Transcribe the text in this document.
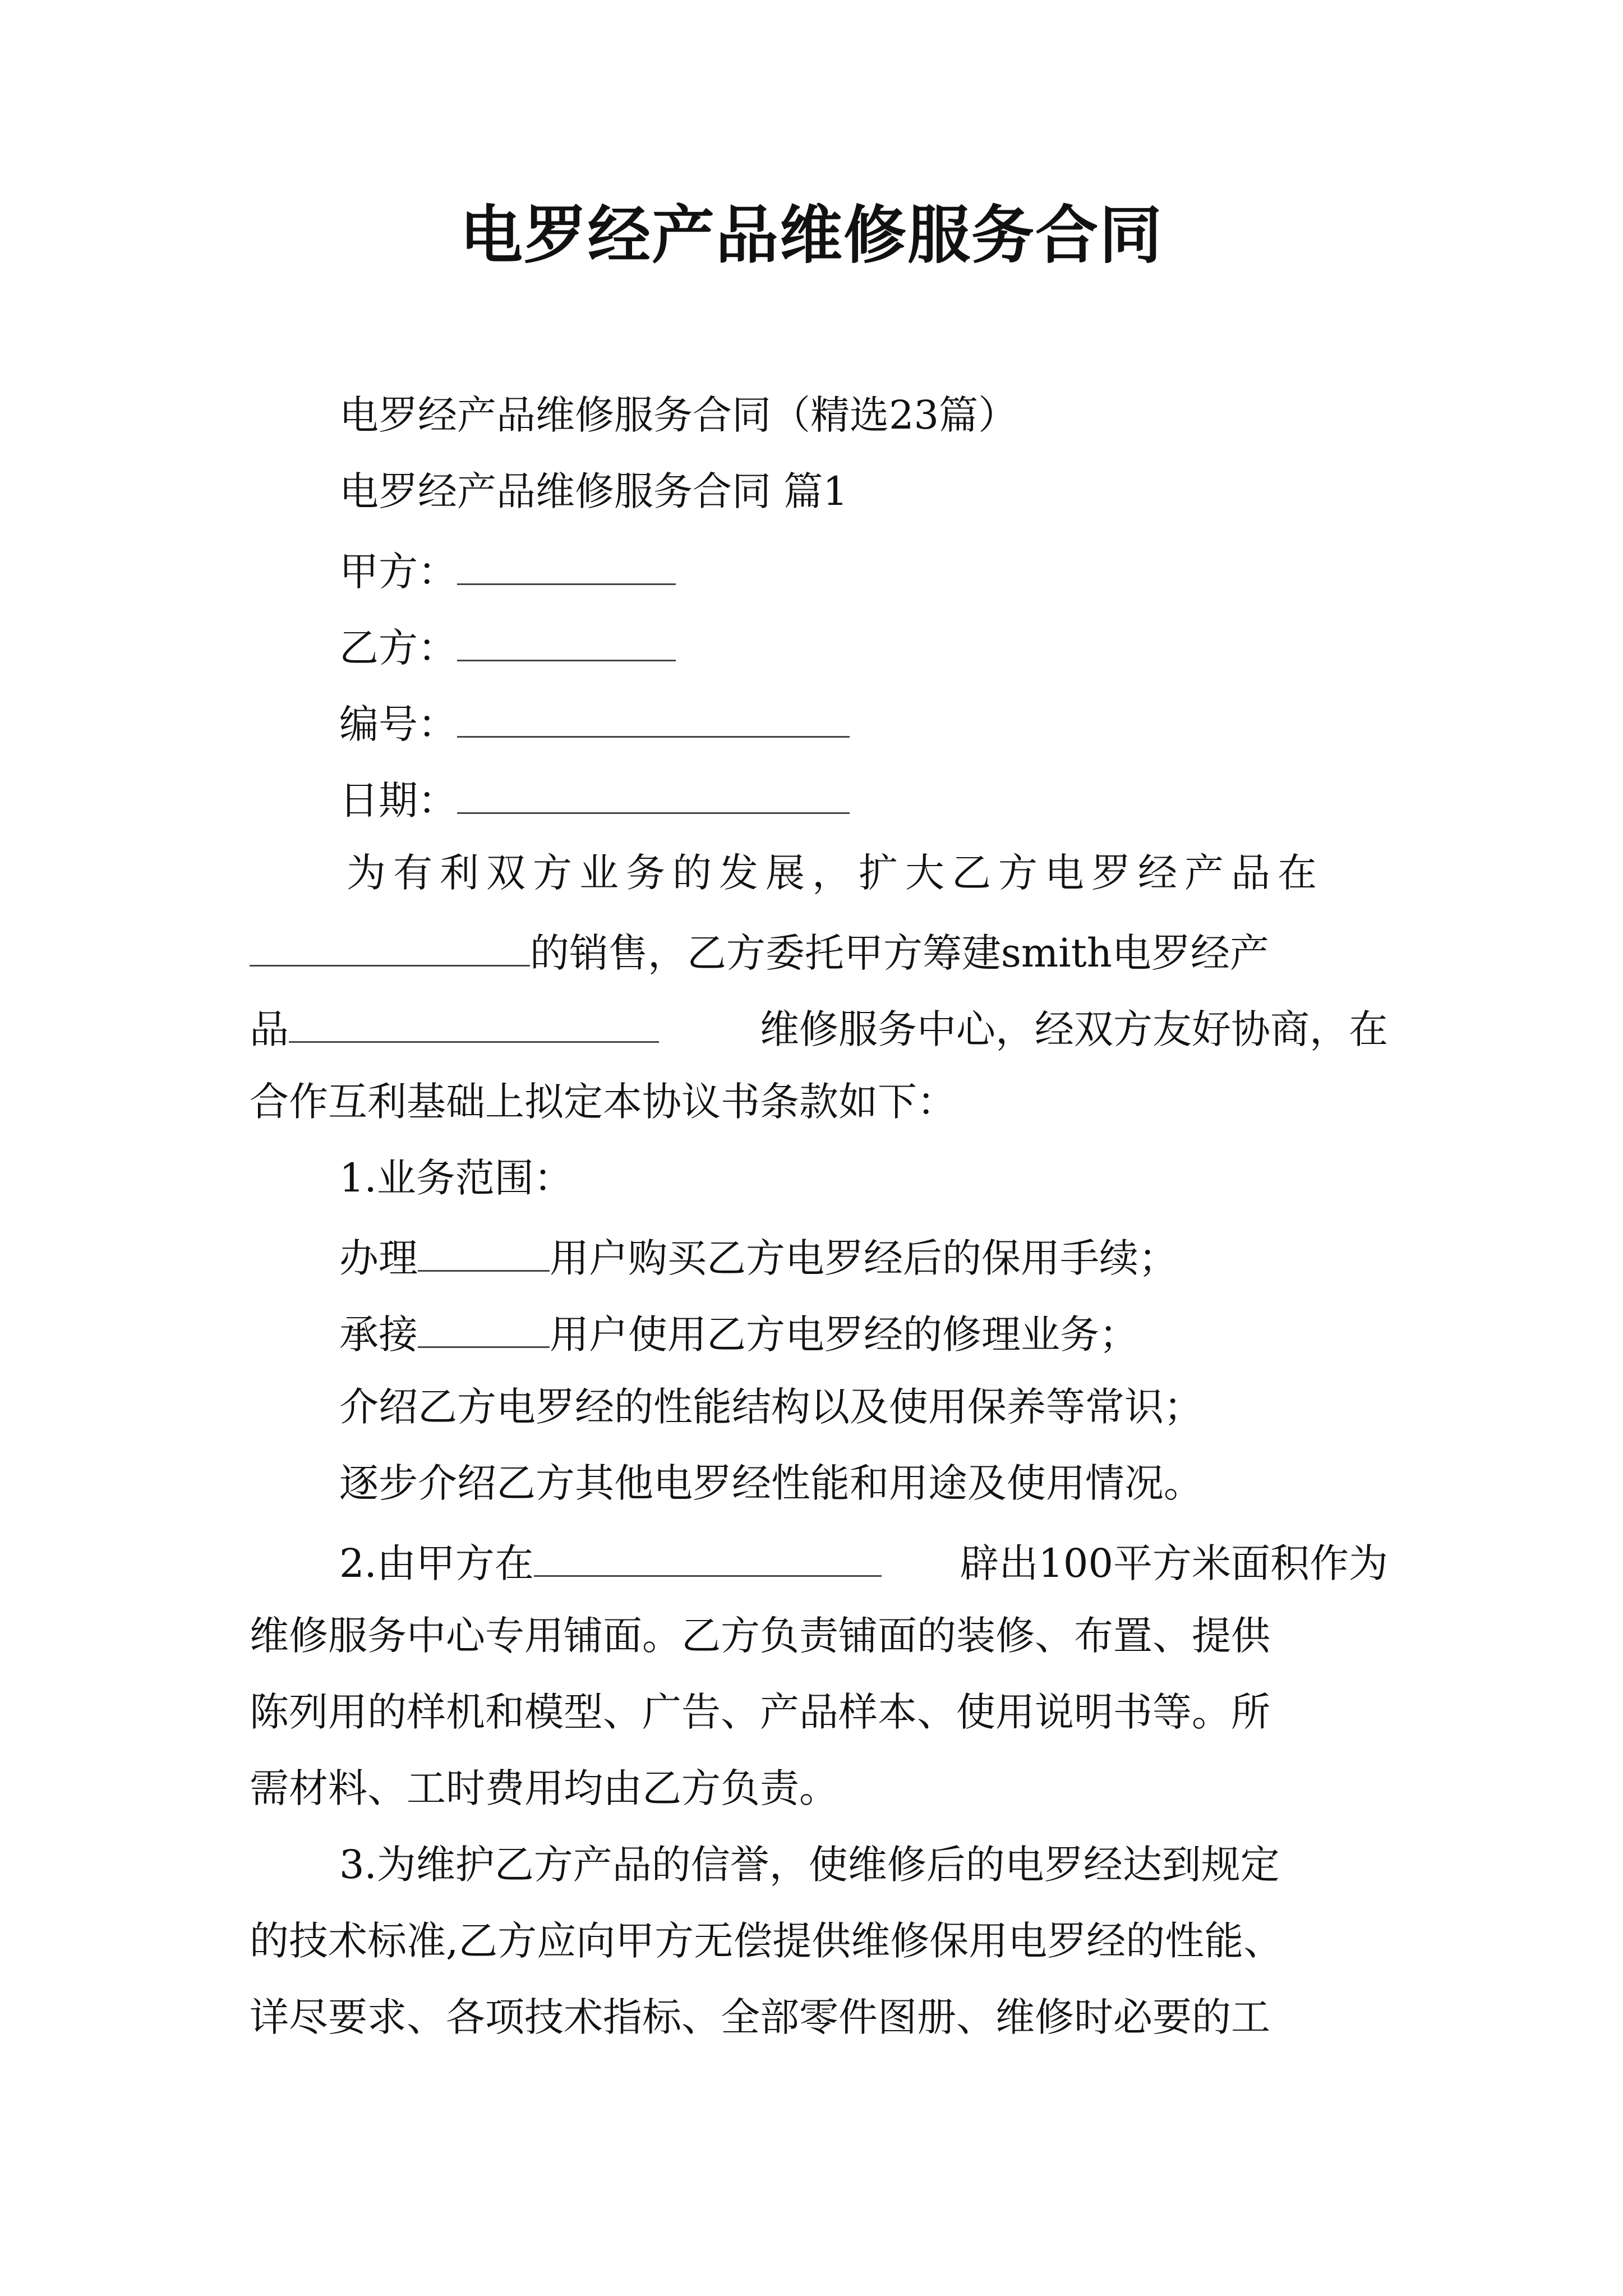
电罗经产品维修服务合同

电罗经产品维修服务合同（精选23篇）

电罗经产品维修服务合同 篇1

甲方：

乙方：

编号：

日期：

为有利双方业务的发展，扩大乙方电罗经产品在

的销售，乙方委托甲方筹建smith电罗经产

品	维修服务中心，经双方友好协商，在

合作互利基础上拟定本协议书条款如下：

1.业务范围：

办理	用户购买乙方电罗经后的保用手续；

承接	用户使用乙方电罗经的修理业务；

介绍乙方电罗经的性能结构以及使用保养等常识；

逐步介绍乙方其他电罗经性能和用途及使用情况。

2.由甲方在	辟出100平方米面积作为

维修服务中心专用铺面。乙方负责铺面的装修、布置、提供

陈列用的样机和模型、广告、产品样本、使用说明书等。所

需材料、工时费用均由乙方负责。

3.为维护乙方产品的信誉，使维修后的电罗经达到规定

的技术标准,乙方应向甲方无偿提供维修保用电罗经的性能、

详尽要求、各项技术指标、全部零件图册、维修时必要的工
